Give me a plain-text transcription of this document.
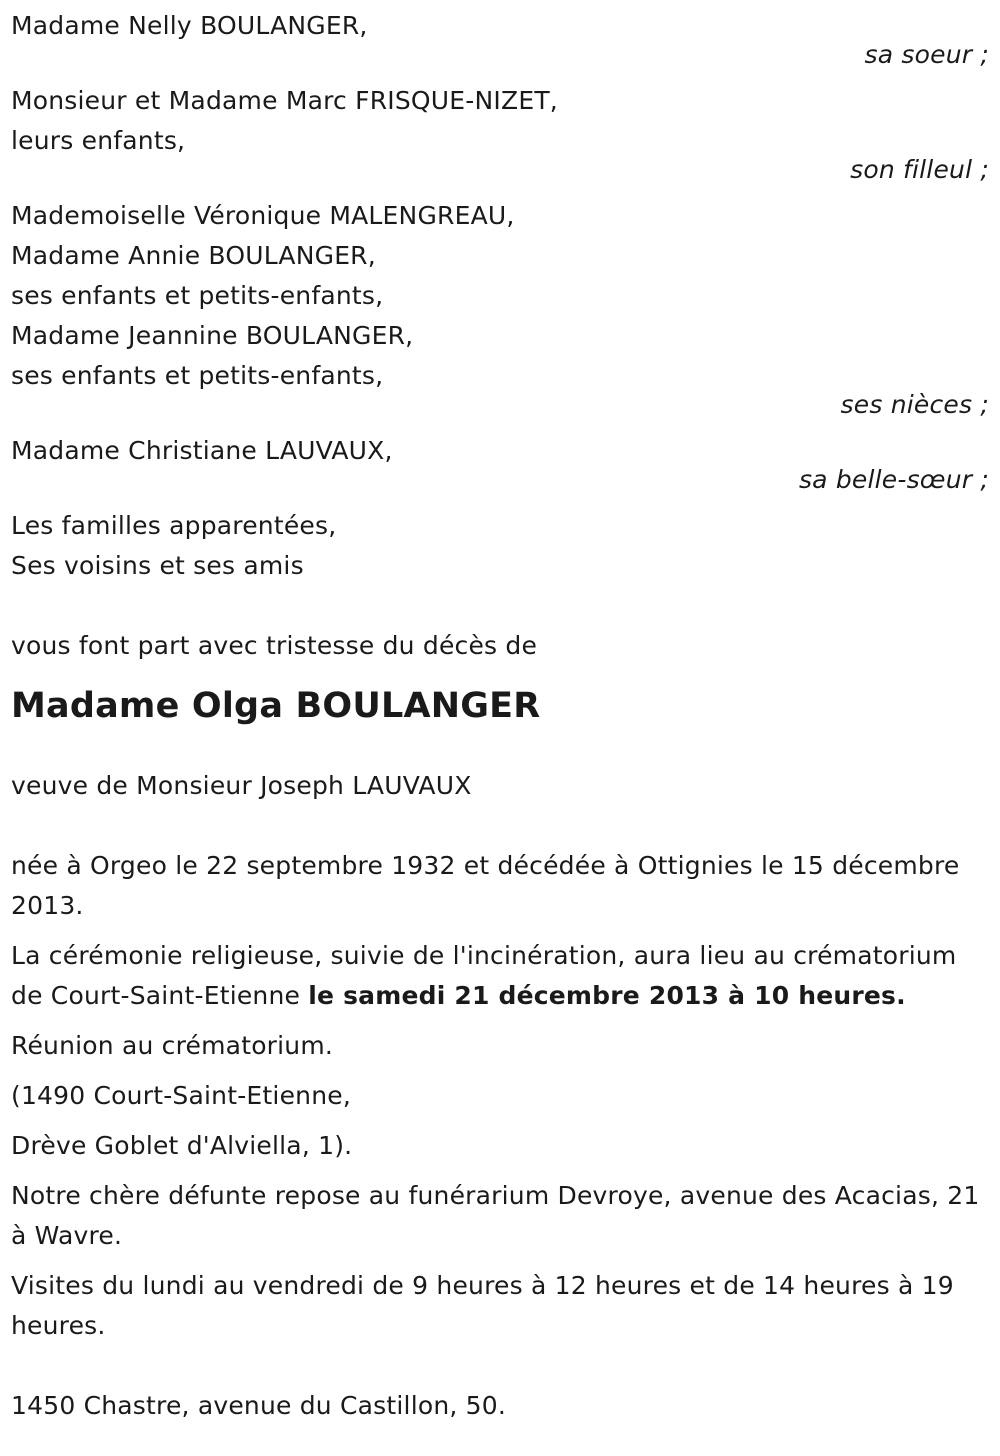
Madame Nelly BOULANGER,
sa soeur ;
Monsieur et Madame Marc FRISQUE-NIZET,
leurs enfants,
son filleul ;
Mademoiselle Véronique MALENGREAU,
Madame Annie BOULANGER,
ses enfants et petits-enfants,
Madame Jeannine BOULANGER,
ses enfants et petits-enfants,
ses nièces ;
Madame Christiane LAUVAUX,
sa belle-sœur ;
Les familles apparentées,
Ses voisins et ses amis
vous font part avec tristesse du décès de
Madame Olga BOULANGER
veuve de Monsieur Joseph LAUVAUX
née à Orgeo le 22 septembre 1932 et décédée à Ottignies le 15 décembre 2013.
La cérémonie religieuse, suivie de l'incinération, aura lieu au crématorium de Court-Saint-Etienne le samedi 21 décembre 2013 à 10 heures.
Réunion au crématorium.
(1490 Court-Saint-Etienne,
Drève Goblet d'Alviella, 1).
Notre chère défunte repose au funérarium Devroye, avenue des Acacias, 21 à Wavre.
Visites du lundi au vendredi de 9 heures à 12 heures et de 14 heures à 19 heures.
1450 Chastre, avenue du Castillon, 50.
